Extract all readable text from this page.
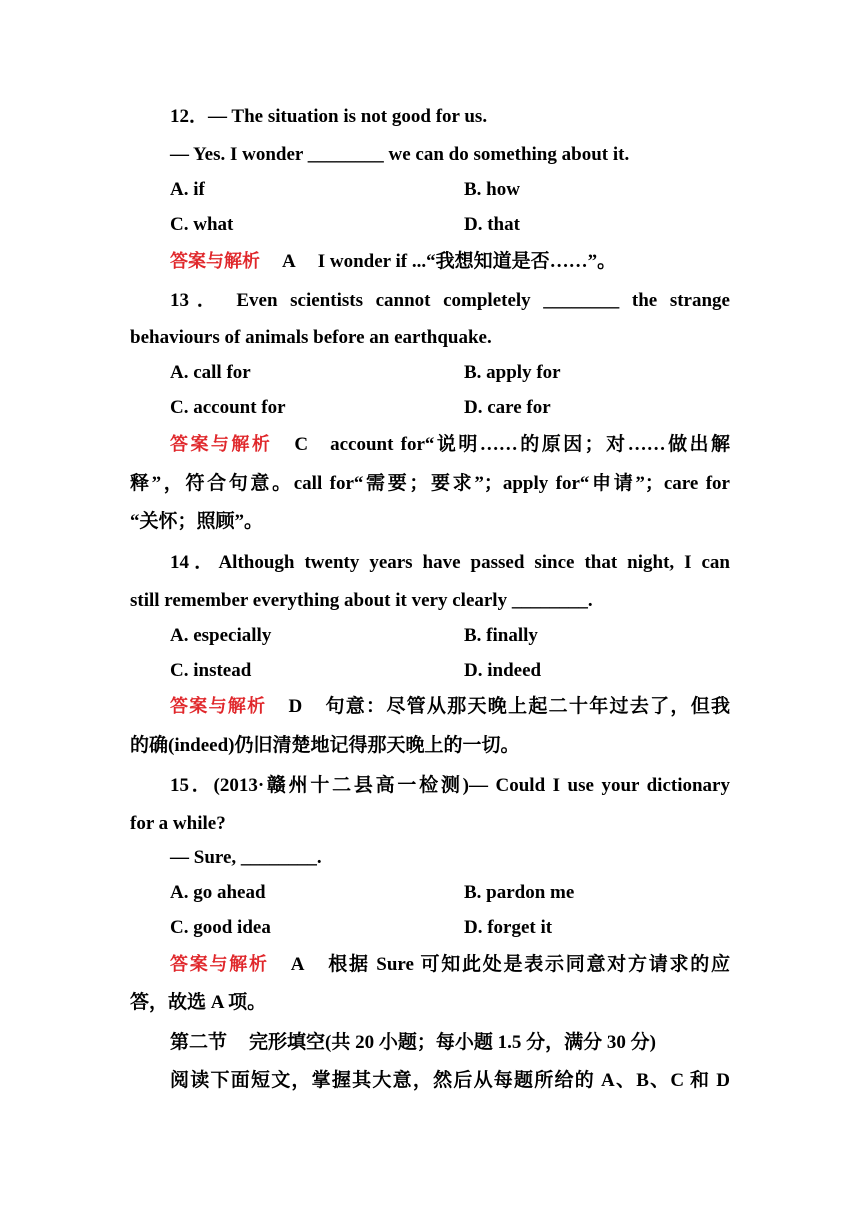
12．— The situation is not good for us.
— Yes. I wonder ________ we can do something about it.
A. if	B. how
C. what	D. that
答案与解析 A I wonder if ...“我想知道是否……”。
13． Even scientists cannot completely ________ the strange
behaviours of animals before an earthquake.
A. call for	B. apply for
C. account for	D. care for
答案与解析 C account for“说明……的原因；对……做出解
释”，符合句意。call for“需要；要求”；apply for“申请”；care for
“关怀；照顾”。
14．Although twenty years have passed since that night, I can
still remember everything about it very clearly ________.
A. especially	B. finally
C. instead	D. indeed
答案与解析 D 句意：尽管从那天晚上起二十年过去了，但我
的确(indeed)仍旧清楚地记得那天晚上的一切。
15．(2013·赣州十二县高一检测)— Could I use your dictionary
for a while?
— Sure, ________.
A. go ahead	B. pardon me
C. good idea	D. forget it
答案与解析 A 根据 Sure 可知此处是表示同意对方请求的应
答，故选 A 项。
第二节 完形填空(共 20 小题；每小题 1.5 分，满分 30 分)
阅读下面短文，掌握其大意，然后从每题所给的 A、B、C 和 D
